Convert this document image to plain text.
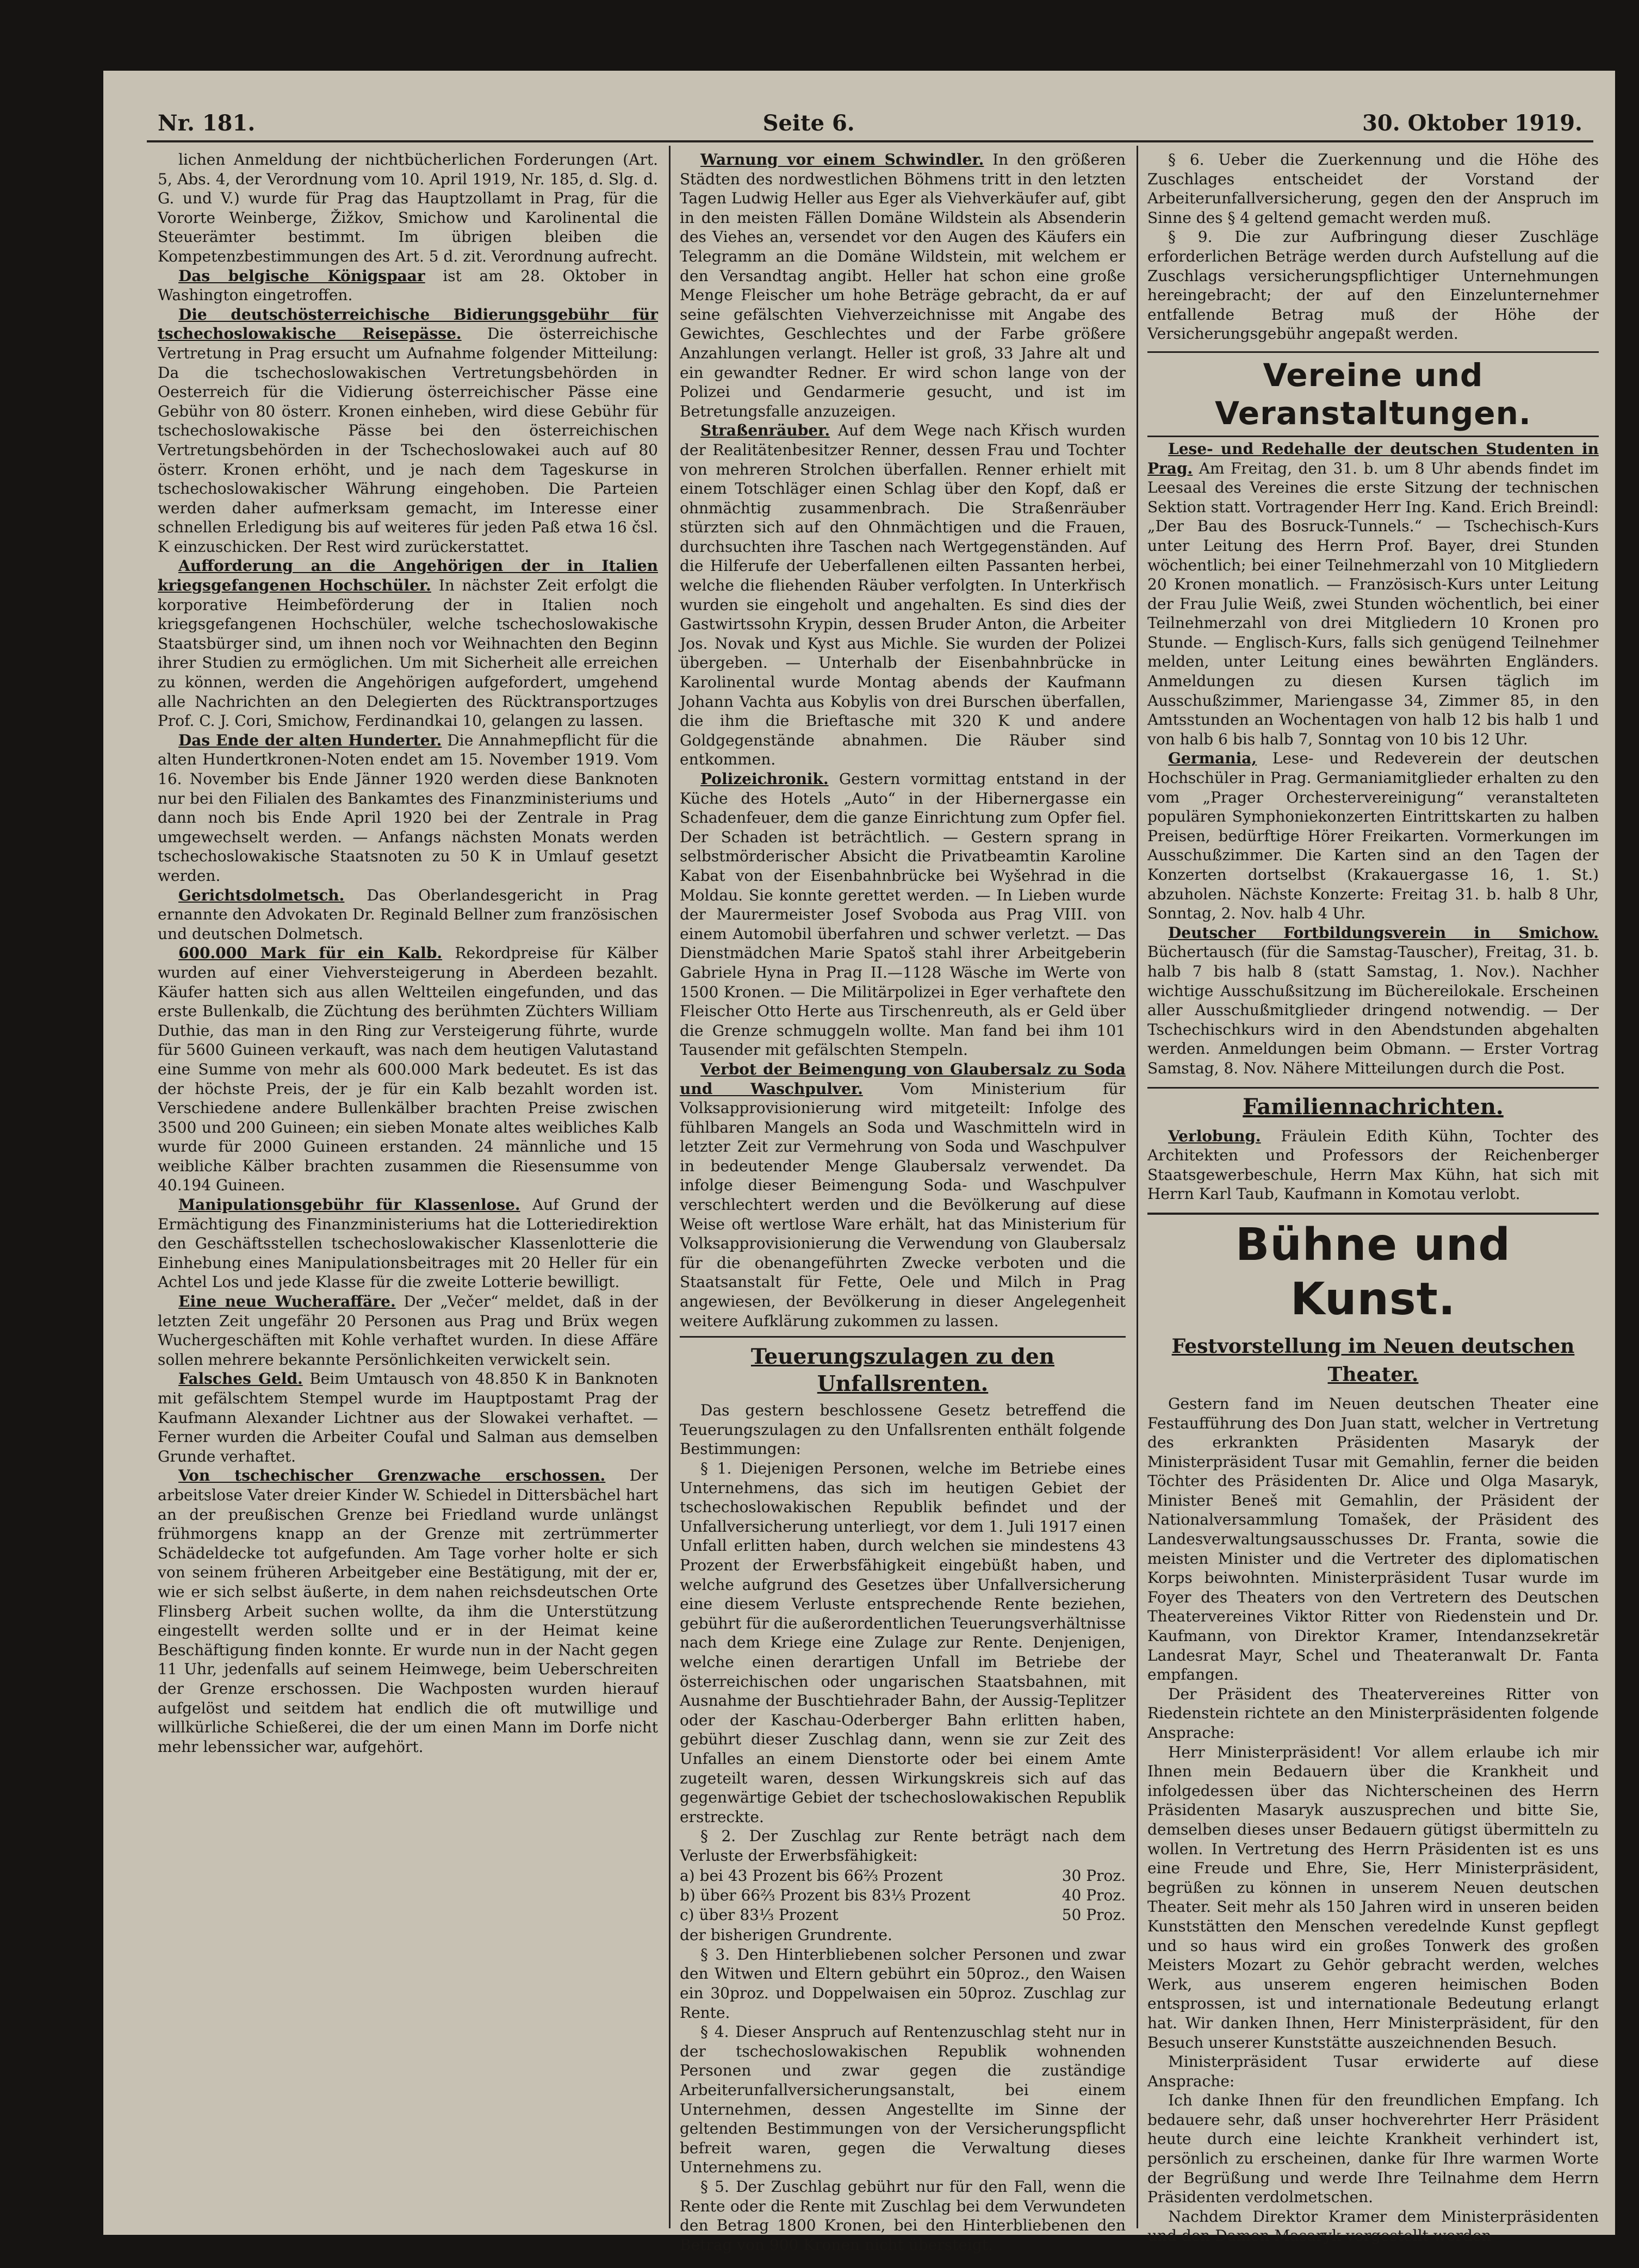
Nr. 181.	Seite 6.	30. Oktober 1919.

lichen Anmeldung der nichtbücherlichen Forderungen (Art. 5, Abs. 4, der Verordnung vom 10. April 1919, Nr. 185, d. Slg. d. G. und V.) wurde für Prag das Hauptzollamt in Prag, für die Vororte Weinberge, Žižkov, Smichow und Karolinental die Steuerämter bestimmt. Im übrigen bleiben die Kompetenzbestimmungen des Art. 5 d. zit. Verordnung aufrecht.

Das belgische Königspaar ist am 28. Oktober in Washington eingetroffen.

Die deutschösterreichische Bidierungsgebühr für tschechoslowakische Reisepässe. Die österreichische Vertretung in Prag ersucht um Aufnahme folgender Mitteilung: Da die tschechoslowakischen Vertretungsbehörden in Oesterreich für die Vidierung österreichischer Pässe eine Gebühr von 80 österr. Kronen einheben, wird diese Gebühr für tschechoslowakische Pässe bei den österreichischen Vertretungsbehörden in der Tschechoslowakei auch auf 80 österr. Kronen erhöht, und je nach dem Tageskurse in tschechoslowakischer Währung eingehoben. Die Parteien werden daher aufmerksam gemacht, im Interesse einer schnellen Erledigung bis auf weiteres für jeden Paß etwa 16 čsl. K einzuschicken. Der Rest wird zurückerstattet.

Aufforderung an die Angehörigen der in Italien kriegsgefangenen Hochschüler. In nächster Zeit erfolgt die korporative Heimbeförderung der in Italien noch kriegsgefangenen Hochschüler, welche tschechoslowakische Staatsbürger sind, um ihnen noch vor Weihnachten den Beginn ihrer Studien zu ermöglichen. Um mit Sicherheit alle erreichen zu können, werden die Angehörigen aufgefordert, umgehend alle Nachrichten an den Delegierten des Rücktransportzuges Prof. C. J. Cori, Smichow, Ferdinandkai 10, gelangen zu lassen.

Das Ende der alten Hunderter. Die Annahmepflicht für die alten Hundertkronen-Noten endet am 15. November 1919. Vom 16. November bis Ende Jänner 1920 werden diese Banknoten nur bei den Filialen des Bankamtes des Finanzministeriums und dann noch bis Ende April 1920 bei der Zentrale in Prag umgewechselt werden. — Anfangs nächsten Monats werden tschechoslowakische Staatsnoten zu 50 K in Umlauf gesetzt werden.

Gerichtsdolmetsch. Das Oberlandesgericht in Prag ernannte den Advokaten Dr. Reginald Bellner zum französischen und deutschen Dolmetsch.

600.000 Mark für ein Kalb. Rekordpreise für Kälber wurden auf einer Viehversteigerung in Aberdeen bezahlt. Käufer hatten sich aus allen Weltteilen eingefunden, und das erste Bullenkalb, die Züchtung des berühmten Züchters William Duthie, das man in den Ring zur Versteigerung führte, wurde für 5600 Guineen verkauft, was nach dem heutigen Valutastand eine Summe von mehr als 600.000 Mark bedeutet. Es ist das der höchste Preis, der je für ein Kalb bezahlt worden ist. Verschiedene andere Bullenkälber brachten Preise zwischen 3500 und 200 Guineen; ein sieben Monate altes weibliches Kalb wurde für 2000 Guineen erstanden. 24 männliche und 15 weibliche Kälber brachten zusammen die Riesensumme von 40.194 Guineen.

Manipulationsgebühr für Klassenlose. Auf Grund der Ermächtigung des Finanzministeriums hat die Lotteriedirektion den Geschäftsstellen tschechoslowakischer Klassenlotterie die Einhebung eines Manipulationsbeitrages mit 20 Heller für ein Achtel Los und jede Klasse für die zweite Lotterie bewilligt.

Eine neue Wucheraffäre. Der „Večer“ meldet, daß in der letzten Zeit ungefähr 20 Personen aus Prag und Brüx wegen Wuchergeschäften mit Kohle verhaftet wurden. In diese Affäre sollen mehrere bekannte Persönlichkeiten verwickelt sein.

Falsches Geld. Beim Umtausch von 48.850 K in Banknoten mit gefälschtem Stempel wurde im Hauptpostamt Prag der Kaufmann Alexander Lichtner aus der Slowakei verhaftet. — Ferner wurden die Arbeiter Coufal und Salman aus demselben Grunde verhaftet.

Von tschechischer Grenzwache erschossen. Der arbeitslose Vater dreier Kinder W. Schiedel in Dittersbächel hart an der preußischen Grenze bei Friedland wurde unlängst frühmorgens knapp an der Grenze mit zertrümmerter Schädeldecke tot aufgefunden. Am Tage vorher holte er sich von seinem früheren Arbeitgeber eine Bestätigung, mit der er, wie er sich selbst äußerte, in dem nahen reichsdeutschen Orte Flinsberg Arbeit suchen wollte, da ihm die Unterstützung eingestellt werden sollte und er in der Heimat keine Beschäftigung finden konnte. Er wurde nun in der Nacht gegen 11 Uhr, jedenfalls auf seinem Heimwege, beim Ueberschreiten der Grenze erschossen. Die Wachposten wurden hierauf aufgelöst und seitdem hat endlich die oft mutwillige und willkürliche Schießerei, die der um einen Mann im Dorfe nicht mehr lebenssicher war, aufgehört.

Warnung vor einem Schwindler. In den größeren Städten des nordwestlichen Böhmens tritt in den letzten Tagen Ludwig Heller aus Eger als Viehverkäufer auf, gibt in den meisten Fällen Domäne Wildstein als Absenderin des Viehes an, versendet vor den Augen des Käufers ein Telegramm an die Domäne Wildstein, mit welchem er den Versandtag angibt. Heller hat schon eine große Menge Fleischer um hohe Beträge gebracht, da er auf seine gefälschten Viehverzeichnisse mit Angabe des Gewichtes, Geschlechtes und der Farbe größere Anzahlungen verlangt. Heller ist groß, 33 Jahre alt und ein gewandter Redner. Er wird schon lange von der Polizei und Gendarmerie gesucht, und ist im Betretungsfalle anzuzeigen.

Straßenräuber. Auf dem Wege nach Křisch wurden der Realitätenbesitzer Renner, dessen Frau und Tochter von mehreren Strolchen überfallen. Renner erhielt mit einem Totschläger einen Schlag über den Kopf, daß er ohnmächtig zusammenbrach. Die Straßenräuber stürzten sich auf den Ohnmächtigen und die Frauen, durchsuchten ihre Taschen nach Wertgegenständen. Auf die Hilferufe der Ueberfallenen eilten Passanten herbei, welche die fliehenden Räuber verfolgten. In Unterkřisch wurden sie eingeholt und angehalten. Es sind dies der Gastwirtssohn Krypin, dessen Bruder Anton, die Arbeiter Jos. Novak und Kyst aus Michle. Sie wurden der Polizei übergeben. — Unterhalb der Eisenbahnbrücke in Karolinental wurde Montag abends der Kaufmann Johann Vachta aus Kobylis von drei Burschen überfallen, die ihm die Brieftasche mit 320 K und andere Goldgegenstände abnahmen. Die Räuber sind entkommen.

Polizeichronik. Gestern vormittag entstand in der Küche des Hotels „Auto“ in der Hibernergasse ein Schadenfeuer, dem die ganze Einrichtung zum Opfer fiel. Der Schaden ist beträchtlich. — Gestern sprang in selbstmörderischer Absicht die Privatbeamtin Karoline Kabat von der Eisenbahnbrücke bei Wyšehrad in die Moldau. Sie konnte gerettet werden. — In Lieben wurde der Maurermeister Josef Svoboda aus Prag VIII. von einem Automobil überfahren und schwer verletzt. — Das Dienstmädchen Marie Spatoš stahl ihrer Arbeitgeberin Gabriele Hyna in Prag II.—1128 Wäsche im Werte von 1500 Kronen. — Die Militärpolizei in Eger verhaftete den Fleischer Otto Herte aus Tirschenreuth, als er Geld über die Grenze schmuggeln wollte. Man fand bei ihm 101 Tausender mit gefälschten Stempeln.

Verbot der Beimengung von Glaubersalz zu Soda und Waschpulver. Vom Ministerium für Volksapprovisionierung wird mitgeteilt: Infolge des fühlbaren Mangels an Soda und Waschmitteln wird in letzter Zeit zur Vermehrung von Soda und Waschpulver in bedeutender Menge Glaubersalz verwendet. Da infolge dieser Beimengung Soda- und Waschpulver verschlechtert werden und die Bevölkerung auf diese Weise oft wertlose Ware erhält, hat das Ministerium für Volksapprovisionierung die Verwendung von Glaubersalz für die obenangeführten Zwecke verboten und die Staatsanstalt für Fette, Oele und Milch in Prag angewiesen, der Bevölkerung in dieser Angelegenheit weitere Aufklärung zukommen zu lassen.

Teuerungszulagen zu den Unfallsrenten.

Das gestern beschlossene Gesetz betreffend die Teuerungszulagen zu den Unfallsrenten enthält folgende Bestimmungen:

§ 1. Diejenigen Personen, welche im Betriebe eines Unternehmens, das sich im heutigen Gebiet der tschechoslowakischen Republik befindet und der Unfallversicherung unterliegt, vor dem 1. Juli 1917 einen Unfall erlitten haben, durch welchen sie mindestens 43 Prozent der Erwerbsfähigkeit eingebüßt haben, und welche aufgrund des Gesetzes über Unfallversicherung eine diesem Verluste entsprechende Rente beziehen, gebührt für die außerordentlichen Teuerungsverhältnisse nach dem Kriege eine Zulage zur Rente. Denjenigen, welche einen derartigen Unfall im Betriebe der österreichischen oder ungarischen Staatsbahnen, mit Ausnahme der Buschtiehrader Bahn, der Aussig-Teplitzer oder der Kaschau-Oderberger Bahn erlitten haben, gebührt dieser Zuschlag dann, wenn sie zur Zeit des Unfalles an einem Dienstorte oder bei einem Amte zugeteilt waren, dessen Wirkungskreis sich auf das gegenwärtige Gebiet der tschechoslowakischen Republik erstreckte.

§ 2. Der Zuschlag zur Rente beträgt nach dem Verluste der Erwerbsfähigkeit:

a) bei 43 Prozent bis 66⅔ Prozent	30 Proz.
b) über 66⅔ Prozent bis 83⅓ Prozent	40 Proz.
c) über 83⅓ Prozent	50 Proz.

der bisherigen Grundrente.

§ 3. Den Hinterbliebenen solcher Personen und zwar den Witwen und Eltern gebührt ein 50proz., den Waisen ein 30proz. und Doppelwaisen ein 50proz. Zuschlag zur Rente.

§ 4. Dieser Anspruch auf Rentenzuschlag steht nur in der tschechoslowakischen Republik wohnenden Personen und zwar gegen die zuständige Arbeiterunfallversicherungsanstalt, bei einem Unternehmen, dessen Angestellte im Sinne der geltenden Bestimmungen von der Versicherungspflicht befreit waren, gegen die Verwaltung dieses Unternehmens zu.

§ 5. Der Zuschlag gebührt nur für den Fall, wenn die Rente oder die Rente mit Zuschlag bei dem Verwundeten den Betrag 1800 Kronen, bei den Hinterbliebenen den Betrag von 900 Kronen nicht übersteigt.

§ 6. Ueber die Zuerkennung und die Höhe des Zuschlages entscheidet der Vorstand der Arbeiterunfallversicherung, gegen den der Anspruch im Sinne des § 4 geltend gemacht werden muß.

§ 9. Die zur Aufbringung dieser Zuschläge erforderlichen Beträge werden durch Aufstellung auf die Zuschlags versicherungspflichtiger Unternehmungen hereingebracht; der auf den Einzelunternehmer entfallende Betrag muß der Höhe der Versicherungsgebühr angepaßt werden.

Vereine und Veranstaltungen.

Lese- und Redehalle der deutschen Studenten in Prag. Am Freitag, den 31. b. um 8 Uhr abends findet im Leesaal des Vereines die erste Sitzung der technischen Sektion statt. Vortragender Herr Ing. Kand. Erich Breindl: „Der Bau des Bosruck-Tunnels.“ — Tschechisch-Kurs unter Leitung des Herrn Prof. Bayer, drei Stunden wöchentlich; bei einer Teilnehmerzahl von 10 Mitgliedern 20 Kronen monatlich. — Französisch-Kurs unter Leitung der Frau Julie Weiß, zwei Stunden wöchentlich, bei einer Teilnehmerzahl von drei Mitgliedern 10 Kronen pro Stunde. — Englisch-Kurs, falls sich genügend Teilnehmer melden, unter Leitung eines bewährten Engländers. Anmeldungen zu diesen Kursen täglich im Ausschußzimmer, Mariengasse 34, Zimmer 85, in den Amtsstunden an Wochentagen von halb 12 bis halb 1 und von halb 6 bis halb 7, Sonntag von 10 bis 12 Uhr.

Germania, Lese- und Redeverein der deutschen Hochschüler in Prag. Germaniamitglieder erhalten zu den vom „Prager Orchestervereinigung“ veranstalteten populären Symphoniekonzerten Eintrittskarten zu halben Preisen, bedürftige Hörer Freikarten. Vormerkungen im Ausschußzimmer. Die Karten sind an den Tagen der Konzerten dortselbst (Krakauergasse 16, 1. St.) abzuholen. Nächste Konzerte: Freitag 31. b. halb 8 Uhr, Sonntag, 2. Nov. halb 4 Uhr.

Deutscher Fortbildungsverein in Smichow. Büchertausch (für die Samstag-Tauscher), Freitag, 31. b. halb 7 bis halb 8 (statt Samstag, 1. Nov.). Nachher wichtige Ausschußsitzung im Büchereilokale. Erscheinen aller Ausschußmitglieder dringend notwendig. — Der Tschechischkurs wird in den Abendstunden abgehalten werden. Anmeldungen beim Obmann. — Erster Vortrag Samstag, 8. Nov. Nähere Mitteilungen durch die Post.

Familiennachrichten.

Verlobung. Fräulein Edith Kühn, Tochter des Architekten und Professors der Reichenberger Staatsgewerbeschule, Herrn Max Kühn, hat sich mit Herrn Karl Taub, Kaufmann in Komotau verlobt.

Bühne und Kunst.
Festvorstellung im Neuen deutschen Theater.

Gestern fand im Neuen deutschen Theater eine Festaufführung des Don Juan statt, welcher in Vertretung des erkrankten Präsidenten Masaryk der Ministerpräsident Tusar mit Gemahlin, ferner die beiden Töchter des Präsidenten Dr. Alice und Olga Masaryk, Minister Beneš mit Gemahlin, der Präsident der Nationalversammlung Tomašek, der Präsident des Landesverwaltungsausschusses Dr. Franta, sowie die meisten Minister und die Vertreter des diplomatischen Korps beiwohnten. Ministerpräsident Tusar wurde im Foyer des Theaters von den Vertretern des Deutschen Theatervereines Viktor Ritter von Riedenstein und Dr. Kaufmann, von Direktor Kramer, Intendanzsekretär Landesrat Mayr, Schel und Theateranwalt Dr. Fanta empfangen.

Der Präsident des Theatervereines Ritter von Riedenstein richtete an den Ministerpräsidenten folgende Ansprache:

Herr Ministerpräsident! Vor allem erlaube ich mir Ihnen mein Bedauern über die Krankheit und infolgedessen über das Nichterscheinen des Herrn Präsidenten Masaryk auszusprechen und bitte Sie, demselben dieses unser Bedauern gütigst übermitteln zu wollen. In Vertretung des Herrn Präsidenten ist es uns eine Freude und Ehre, Sie, Herr Ministerpräsident, begrüßen zu können in unserem Neuen deutschen Theater. Seit mehr als 150 Jahren wird in unseren beiden Kunststätten den Menschen veredelnde Kunst gepflegt und so haus wird ein großes Tonwerk des großen Meisters Mozart zu Gehör gebracht werden, welches Werk, aus unserem engeren heimischen Boden entsprossen, ist und internationale Bedeutung erlangt hat. Wir danken Ihnen, Herr Ministerpräsident, für den Besuch unserer Kunststätte auszeichnenden Besuch.

Ministerpräsident Tusar erwiderte auf diese Ansprache:

Ich danke Ihnen für den freundlichen Empfang. Ich bedauere sehr, daß unser hochverehrter Herr Präsident heute durch eine leichte Krankheit verhindert ist, persönlich zu erscheinen, danke für Ihre warmen Worte der Begrüßung und werde Ihre Teilnahme dem Herrn Präsidenten verdolmetschen.

Nachdem Direktor Kramer dem Ministerpräsidenten und den Damen Masaryk vorgestellt worden
